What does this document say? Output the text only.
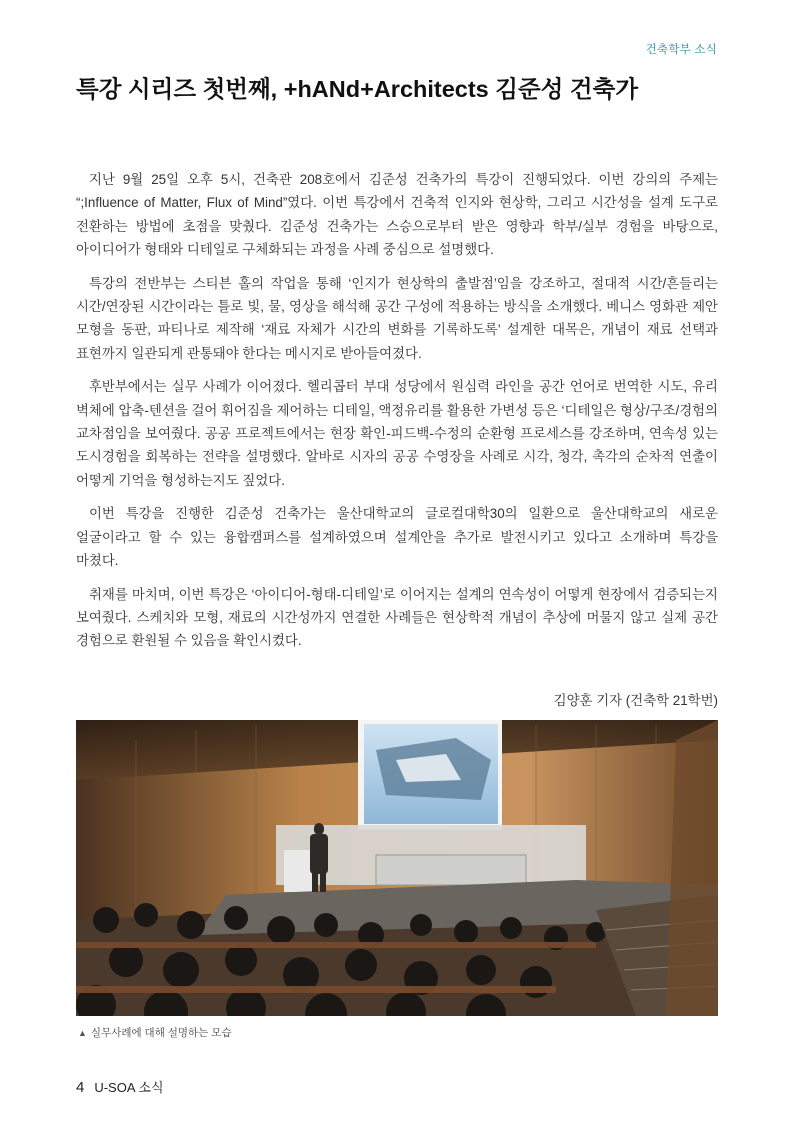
건축학부 소식
특강 시리즈 첫번째, +hANd+Architects 김준성 건축가

지난 9월 25일 오후 5시, 건축관 208호에서 김준성 건축가의 특강이 진행되었다. 이번 강의의 주제는 “;Influence of Matter, Flux of Mind”였다. 이번 특강에서 건축적 인지와 현상학, 그리고 시간성을 설계 도구로 전환하는 방법에 초점을 맞췄다. 김준성 건축가는 스승으로부터 받은 영향과 학부/실부 경험을 바탕으로, 아이디어가 형태와 디테일로 구체화되는 과정을 사례 중심으로 설명했다.

특강의 전반부는 스티븐 홀의 작업을 통해 ‘인지가 현상학의 출발점’임을 강조하고, 절대적 시간/흔들리는 시간/연장된 시간이라는 틀로 빛, 물, 영상을 해석해 공간 구성에 적용하는 방식을 소개했다. 베니스 영화관 제안 모형을 동판, 파티나로 제작해 ‘재료 자체가 시간의 변화를 기록하도록’ 설계한 대목은, 개념이 재료 선택과 표현까지 일관되게 관통돼야 한다는 메시지로 받아들여졌다.

후반부에서는 실무 사례가 이어졌다. 헬리콥터 부대 성당에서 원심력 라인을 공간 언어로 번역한 시도, 유리 벽체에 압축-텐션을 걸어 휘어짐을 제어하는 디테일, 액정유리를 활용한 가변성 등은 ‘디테일은 형상/구조/경험의 교차점임을 보여줬다. 공공 프로젝트에서는 현장 확인-피드백-수정의 순환형 프로세스를 강조하며, 연속성 있는 도시경험을 회복하는 전략을 설명했다. 알바로 시자의 공공 수영장을 사례로 시각, 청각, 촉각의 순차적 연출이 어떻게 기억을 형성하는지도 짚었다.

이번 특강을 진행한 김준성 건축가는 울산대학교의 글로컬대학30의 일환으로 울산대학교의 새로운 얼굴이라고 할 수 있는 융합캠퍼스를 설계하였으며 설계안을 추가로 발전시키고 있다고 소개하며 특강을 마쳤다.

취재를 마치며, 이번 특강은 ‘아이디어-형태-디테일’로 이어지는 설계의 연속성이 어떻게 현장에서 검증되는지 보여줬다. 스케치와 모형, 재료의 시간성까지 연결한 사례들은 현상학적 개념이 추상에 머물지 않고 실제 공간 경험으로 환원될 수 있음을 확인시켰다.

김양훈 기자 (건축학 21학번)
▲ 실무사례에 대해 설명하는 모습
4 U-SOA 소식
